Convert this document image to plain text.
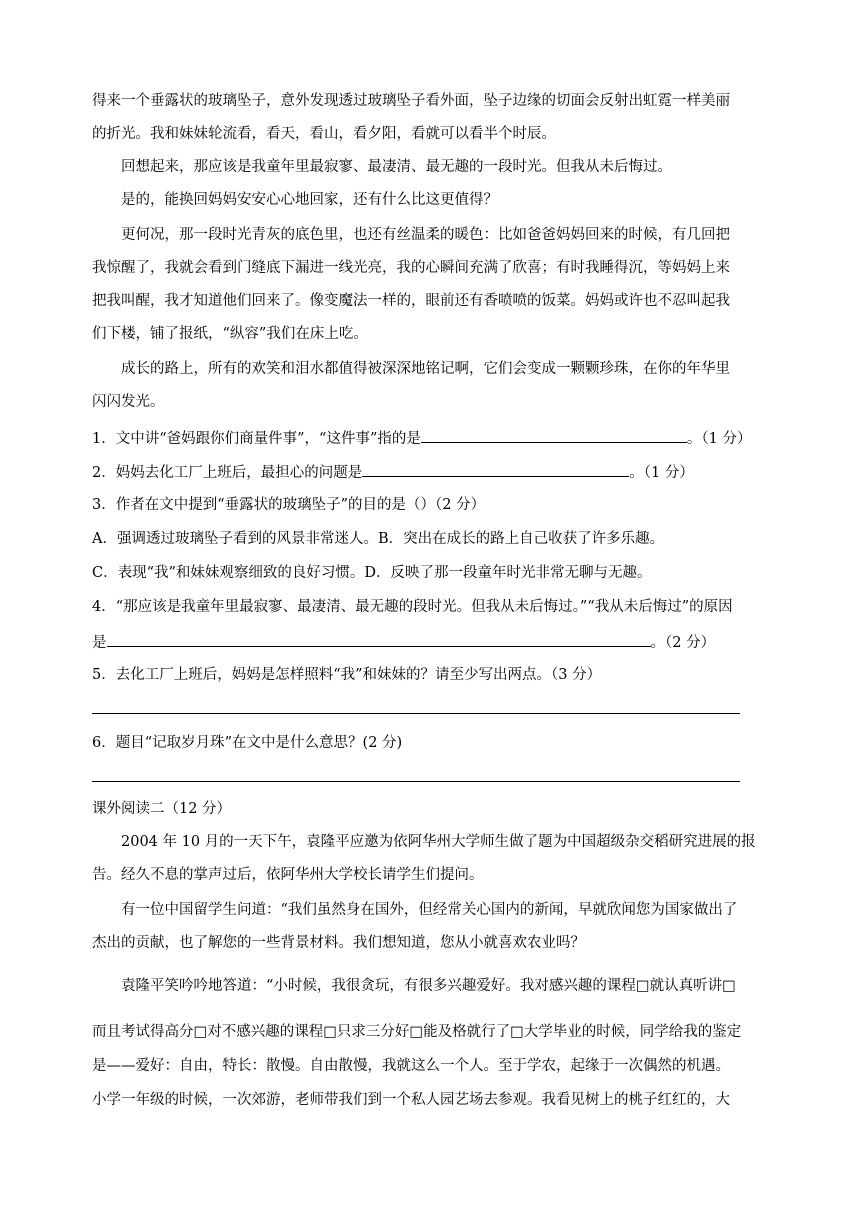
得来一个垂露状的玻璃坠子，意外发现透过玻璃坠子看外面，坠子边缘的切面会反射出虹霓一样美丽
的折光。我和妹妹轮流看，看天，看山，看夕阳，看就可以看半个时辰。
回想起来，那应该是我童年里最寂寥、最凄清、最无趣的一段时光。但我从未后悔过。
是的，能换回妈妈安安心心地回家，还有什么比这更值得？
更何况，那一段时光青灰的底色里，也还有丝温柔的暖色：比如爸爸妈妈回来的时候，有几回把
我惊醒了，我就会看到门缝底下漏进一线光亮，我的心瞬间充满了欣喜；有时我睡得沉，等妈妈上来
把我叫醒，我才知道他们回来了。像变魔法一样的，眼前还有香喷喷的饭菜。妈妈或许也不忍叫起我
们下楼，铺了报纸，“纵容”我们在床上吃。
成长的路上，所有的欢笑和泪水都值得被深深地铭记啊，它们会变成一颗颗珍珠，在你的年华里
闪闪发光。
1．文中讲“爸妈跟你们商量件事”，“这件事”指的是	。（1 分）
2．妈妈去化工厂上班后，最担心的问题是	。（1 分）
3．作者在文中提到“垂露状的玻璃坠子”的目的是（）（2 分）
A．强调透过玻璃坠子看到的风景非常迷人。B．突出在成长的路上自己收获了许多乐趣。
C．表现“我”和妹妹观察细致的良好习惯。D．反映了那一段童年时光非常无聊与无趣。
4．“那应该是我童年里最寂寥、最凄清、最无趣的段时光。但我从未后悔过。”“我从未后悔过”的原因
是	。（2 分）
5．去化工厂上班后，妈妈是怎样照料“我”和妹妹的？请至少写出两点。（3 分）
6．题目“记取岁月珠”在文中是什么意思？(2 分)
课外阅读二（12 分）
2004 年 10 月的一天下午，袁隆平应邀为依阿华州大学师生做了题为中国超级杂交稻研究进展的报
告。经久不息的掌声过后，依阿华州大学校长请学生们提问。
有一位中国留学生问道：“我们虽然身在国外，但经常关心国内的新闻，早就欣闻您为国家做出了
杰出的贡献，也了解您的一些背景材料。我们想知道，您从小就喜欢农业吗？
袁隆平笑吟吟地答道：“小时候，我很贪玩，有很多兴趣爱好。我对感兴趣的课程□就认真听讲□
而且考试得高分□对不感兴趣的课程□只求三分好□能及格就行了□大学毕业的时候，同学给我的鉴定
是——爱好：自由，特长：散慢。自由散慢，我就这么一个人。至于学农，起缘于一次偶然的机遇。
小学一年级的时候，一次郊游，老师带我们到一个私人园艺场去参观。我看见树上的桃子红红的，大
